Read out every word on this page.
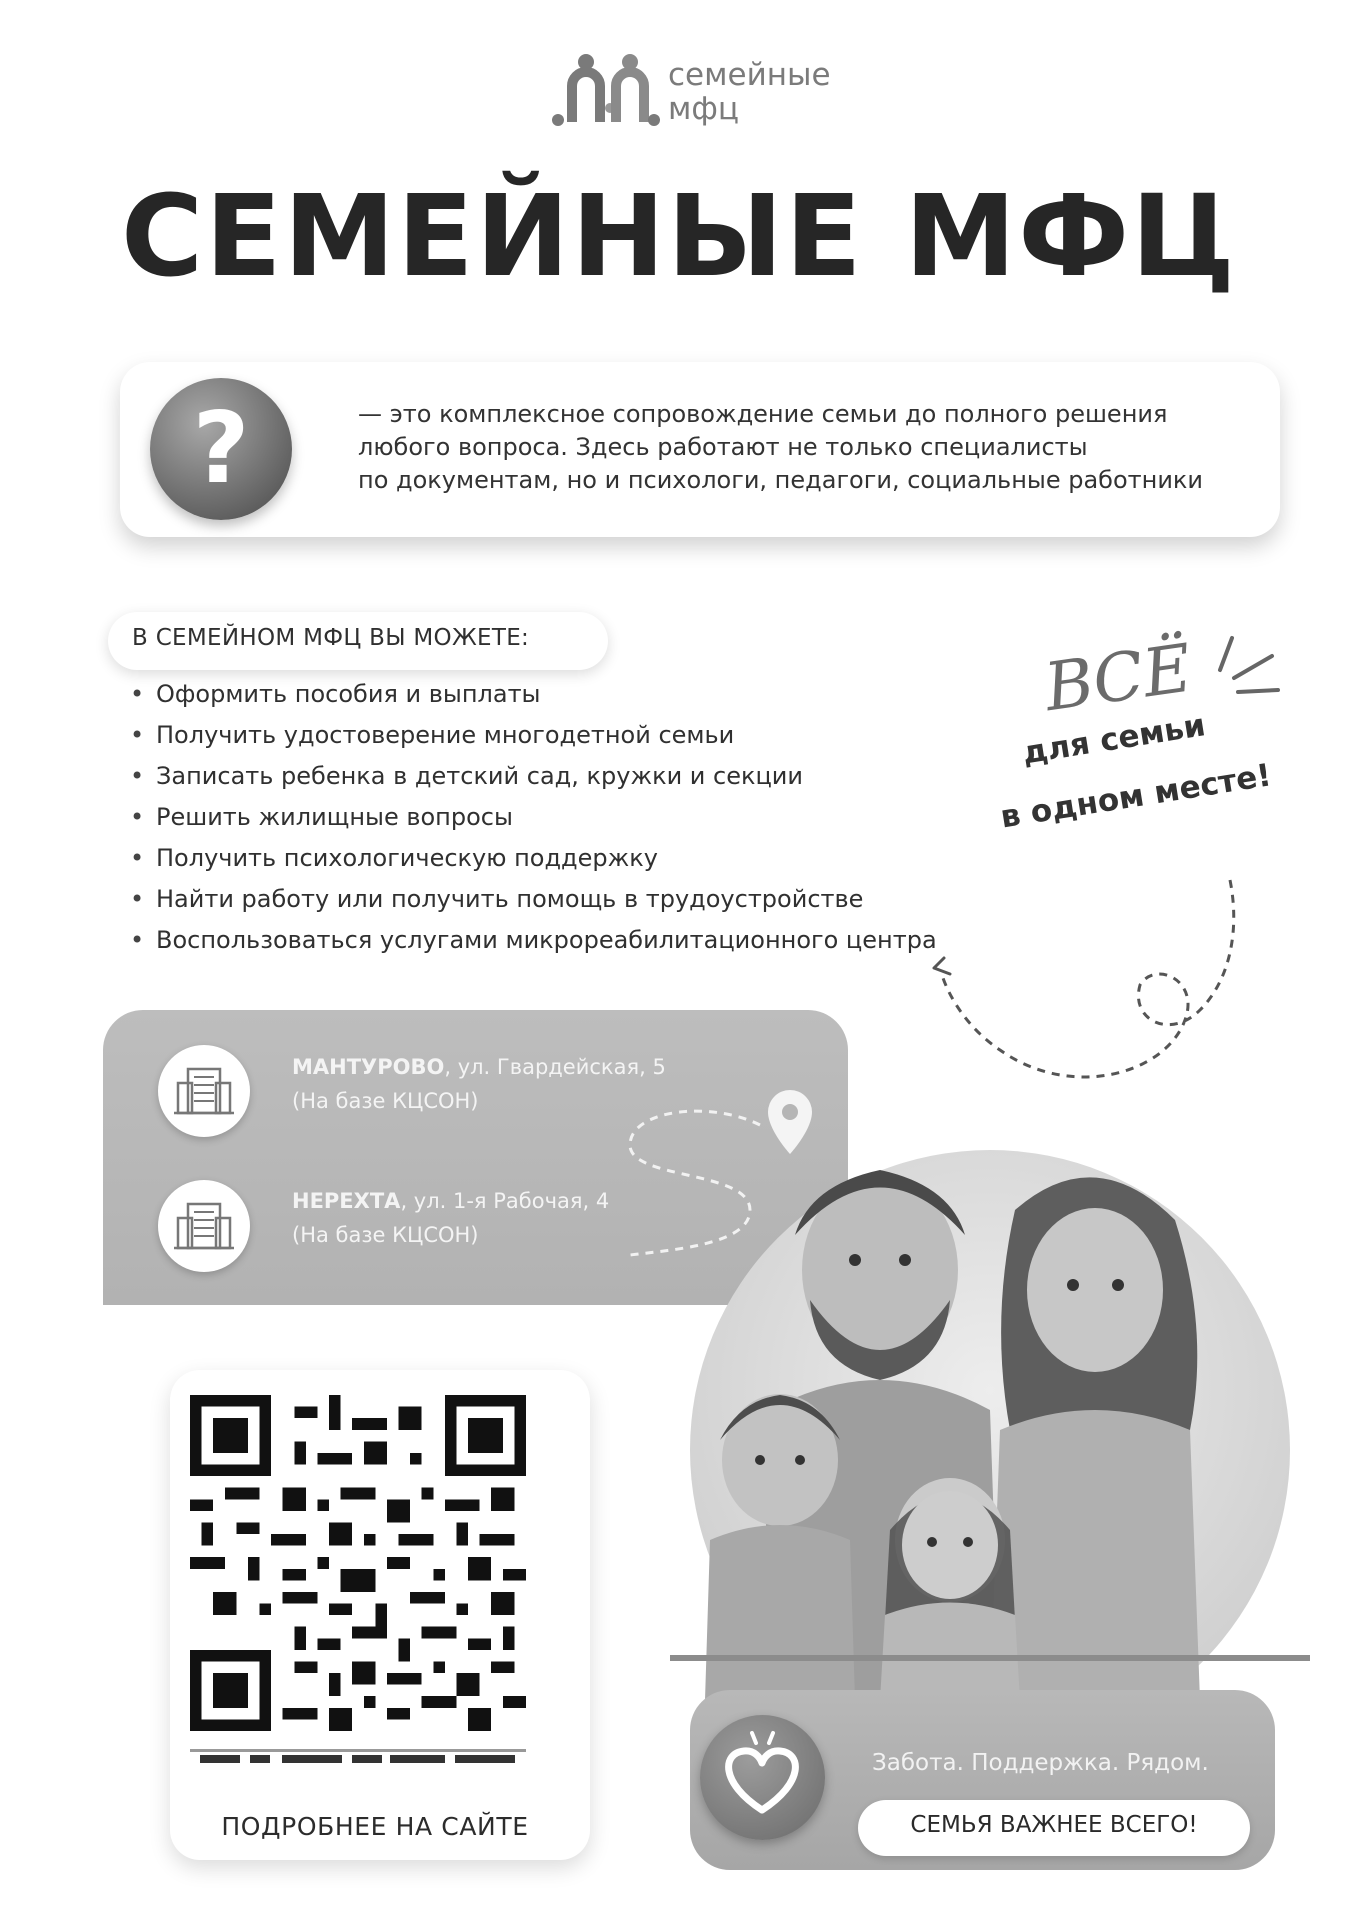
семейные
мфц
СЕМЕЙНЫЕ МФЦ
?	— это комплексное сопровождение семьи до полного решения
любого вопроса. Здесь работают не только специалисты
по документам, но и психологи, педагоги, социальные работники
В СЕМЕЙНОМ МФЦ ВЫ МОЖЕТЕ:
• Оформить пособия и выплаты
• Получить удостоверение многодетной семьи
• Записать ребенка в детский сад, кружки и секции
• Решить жилищные вопросы
• Получить психологическую поддержку
• Найти работу или получить помощь в трудоустройстве
• Воспользоваться услугами микрореабилитационного центра
ВСЁ
для семьи
в одном месте!
МАНТУРОВО, ул. Гвардейская, 5
(На базе КЦСОН)
НЕРЕХТА, ул. 1-я Рабочая, 4
(На базе КЦСОН)
ПОДРОБНЕЕ НА САЙТЕ
Забота. Поддержка. Рядом.
СЕМЬЯ ВАЖНЕЕ ВСЕГО!
